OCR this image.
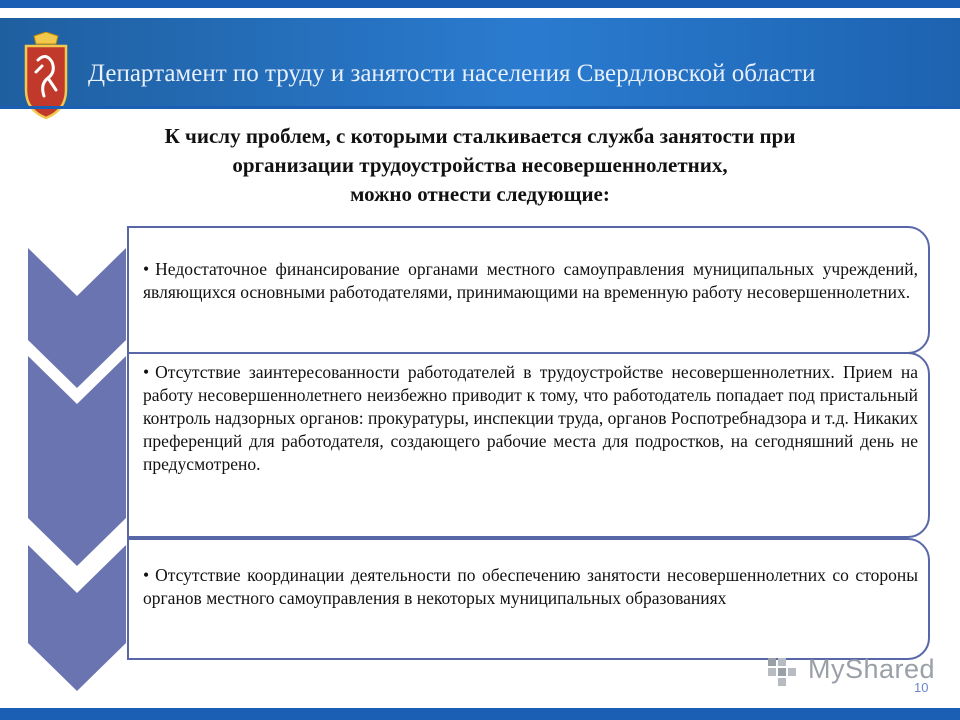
Департамент по труду и занятости населения Свердловской области
К числу проблем, с которыми сталкивается служба занятости при
организации трудоустройства несовершеннолетних,
можно отнести следующие:
• Недостаточное финансирование органами местного самоуправления муниципальных учреждений, являющихся основными работодателями, принимающими на временную работу несовершеннолетних.
• Отсутствие заинтересованности работодателей в трудоустройстве несовершеннолетних. Прием на работу несовершеннолетнего неизбежно приводит к тому, что работодатель попадает под пристальный контроль надзорных органов: прокуратуры, инспекции труда, органов Роспотребнадзора и т.д. Никаких преференций для работодателя, создающего рабочие места для подростков, на сегодняшний день не предусмотрено.
• Отсутствие координации деятельности по обеспечению занятости несовершеннолетних со стороны органов местного самоуправления в некоторых муниципальных образованиях
MyShared
10
